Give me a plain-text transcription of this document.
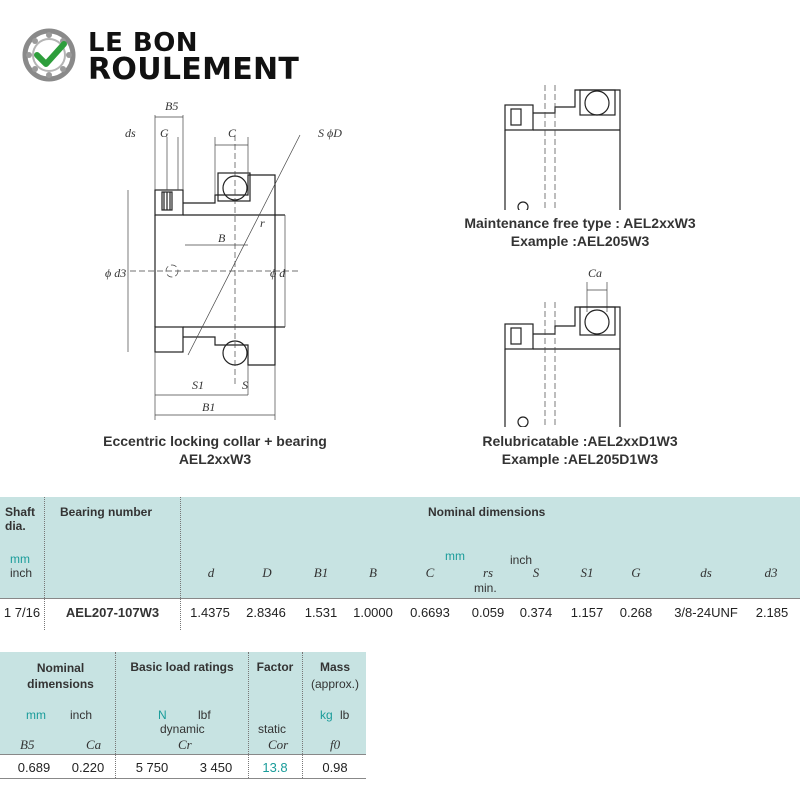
LE BON
ROULEMENT
B5
ds G	C	S ϕD
r
B
ϕ d3	ϕ d
S1	S
B1
Eccentric locking collar + bearing
AEL2xxW3
Maintenance free type : AEL2xxW3
Example :AEL205W3
Ca
Relubricatable :AEL2xxD1W3
Example :AEL205D1W3
Shaft dia.
mm
inch
Bearing number	Nominal dimensions
mm	inch
min.
d	D	B1	B	C	rs	S	S1	G	ds	d3
1 7/16	AEL207-107W3	1.4375	2.8346	1.531	1.0000	0.6693	0.059	0.374	1.157	0.268	3/8-24UNF	2.185
Nominal dimensions
Basic load ratings	Factor	Mass
(approx.)
mm inch	N	lbf
dynamic	static
kg lb
B5	Ca	Cr	Cor	f0
0.689	0.220	5 750	3 450	13.8	0.98
